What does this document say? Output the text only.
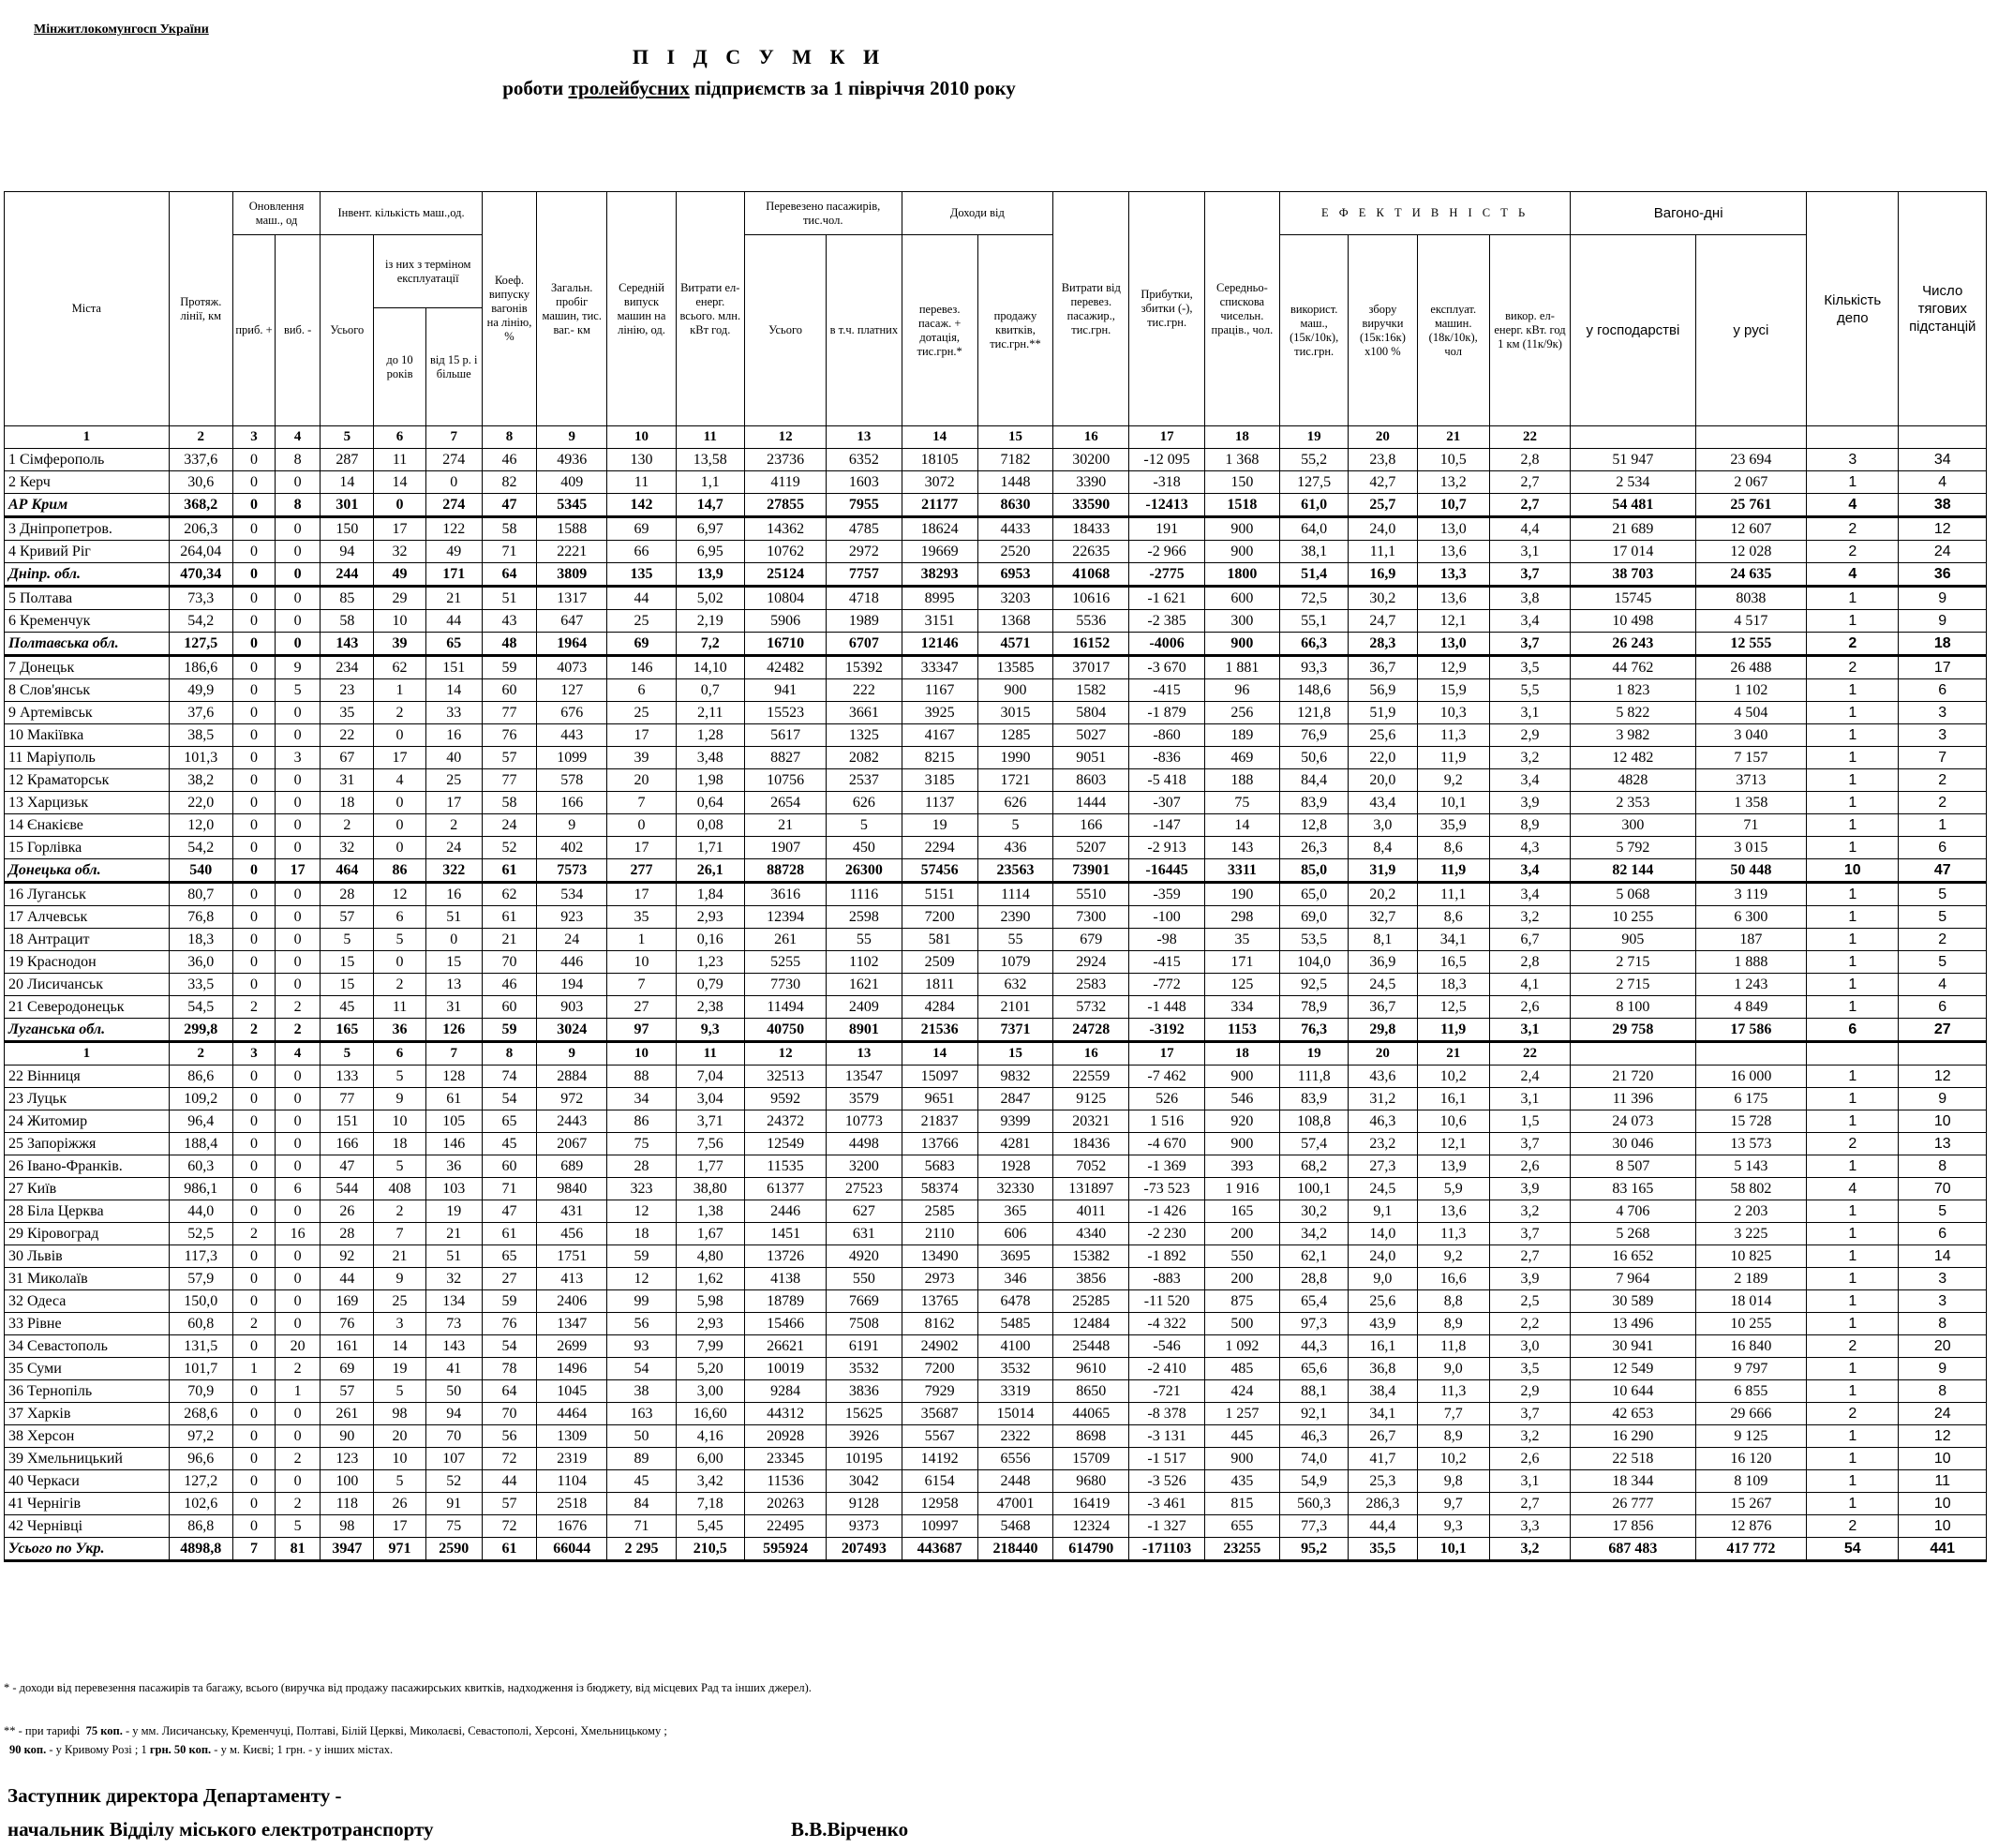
Мінжитлокомунгосп України
П І Д С У М К И
роботи тролейбусних підприємств за 1 півріччя 2010 року
Міста	Протяж. лінії, км	Оновлення маш., од		Інвент. кількість маш.,од.			Коеф. випуску вагонів на лінію, %	Загальн. пробіг машин, тис. ваг.- км	Середній випуск машин на лінію, од.	Витрати ел-енерг. всього. млн. кВт год.	Перевезено пасажирів, тис.чол.		Доходи від		Витрати від перевез. пасажир., тис.грн.	Прибутки, збитки (-), тис.грн.	Середньо-спискова чисельн. праців., чол.	Е Ф Е К Т И В Н І С Т Ь				Вагоно-дні		Кількість депо	Число тягових підстанцій
		приб. +	виб. -	Усього	із них з терміном експлуатації						Усього	в т.ч. платних	перевез. пасаж. + дотація, тис.грн.*	продажу квитків, тис.грн.**				використ. маш., (15к/10к), тис.грн.	збору виручки (15к:16к) х100 %	експлуат. машин. (18к/10к), чол	викор. ел-енерг. кВт. год 1 км (11к/9к)	у господарстві	у русі		
					до 10 років	від 15 р. і більше																			
1	2	3	4	5	6	7	8	9	10	11	12	13	14	15	16	17	18	19	20	21	22				
1 Сімферополь	337,6	0	8	287	11	274	46	4936	130	13,58	23736	6352	18105	7182	30200	-12 095	1 368	55,2	23,8	10,5	2,8	51 947	23 694	3	34
2 Керч	30,6	0	0	14	14	0	82	409	11	1,1	4119	1603	3072	1448	3390	-318	150	127,5	42,7	13,2	2,7	2 534	2 067	1	4
АР Крим	368,2	0	8	301	0	274	47	5345	142	14,7	27855	7955	21177	8630	33590	-12413	1518	61,0	25,7	10,7	2,7	54 481	25 761	4	38
3 Дніпропетров.	206,3	0	0	150	17	122	58	1588	69	6,97	14362	4785	18624	4433	18433	191	900	64,0	24,0	13,0	4,4	21 689	12 607	2	12
4 Кривий Ріг	264,04	0	0	94	32	49	71	2221	66	6,95	10762	2972	19669	2520	22635	-2 966	900	38,1	11,1	13,6	3,1	17 014	12 028	2	24
Дніпр. обл.	470,34	0	0	244	49	171	64	3809	135	13,9	25124	7757	38293	6953	41068	-2775	1800	51,4	16,9	13,3	3,7	38 703	24 635	4	36
5 Полтава	73,3	0	0	85	29	21	51	1317	44	5,02	10804	4718	8995	3203	10616	-1 621	600	72,5	30,2	13,6	3,8	15745	8038	1	9
6 Кременчук	54,2	0	0	58	10	44	43	647	25	2,19	5906	1989	3151	1368	5536	-2 385	300	55,1	24,7	12,1	3,4	10 498	4 517	1	9
Полтавська обл.	127,5	0	0	143	39	65	48	1964	69	7,2	16710	6707	12146	4571	16152	-4006	900	66,3	28,3	13,0	3,7	26 243	12 555	2	18
7 Донецьк	186,6	0	9	234	62	151	59	4073	146	14,10	42482	15392	33347	13585	37017	-3 670	1 881	93,3	36,7	12,9	3,5	44 762	26 488	2	17
8 Слов'янськ	49,9	0	5	23	1	14	60	127	6	0,7	941	222	1167	900	1582	-415	96	148,6	56,9	15,9	5,5	1 823	1 102	1	6
9 Артемівськ	37,6	0	0	35	2	33	77	676	25	2,11	15523	3661	3925	3015	5804	-1 879	256	121,8	51,9	10,3	3,1	5 822	4 504	1	3
10 Макіївка	38,5	0	0	22	0	16	76	443	17	1,28	5617	1325	4167	1285	5027	-860	189	76,9	25,6	11,3	2,9	3 982	3 040	1	3
11 Маріуполь	101,3	0	3	67	17	40	57	1099	39	3,48	8827	2082	8215	1990	9051	-836	469	50,6	22,0	11,9	3,2	12 482	7 157	1	7
12 Краматорськ	38,2	0	0	31	4	25	77	578	20	1,98	10756	2537	3185	1721	8603	-5 418	188	84,4	20,0	9,2	3,4	4828	3713	1	2
13 Харцизьк	22,0	0	0	18	0	17	58	166	7	0,64	2654	626	1137	626	1444	-307	75	83,9	43,4	10,1	3,9	2 353	1 358	1	2
14 Єнакієве	12,0	0	0	2	0	2	24	9	0	0,08	21	5	19	5	166	-147	14	12,8	3,0	35,9	8,9	300	71	1	1
15 Горлівка	54,2	0	0	32	0	24	52	402	17	1,71	1907	450	2294	436	5207	-2 913	143	26,3	8,4	8,6	4,3	5 792	3 015	1	6
Донецька обл.	540	0	17	464	86	322	61	7573	277	26,1	88728	26300	57456	23563	73901	-16445	3311	85,0	31,9	11,9	3,4	82 144	50 448	10	47
16 Луганськ	80,7	0	0	28	12	16	62	534	17	1,84	3616	1116	5151	1114	5510	-359	190	65,0	20,2	11,1	3,4	5 068	3 119	1	5
17 Алчевськ	76,8	0	0	57	6	51	61	923	35	2,93	12394	2598	7200	2390	7300	-100	298	69,0	32,7	8,6	3,2	10 255	6 300	1	5
18 Антрацит	18,3	0	0	5	5	0	21	24	1	0,16	261	55	581	55	679	-98	35	53,5	8,1	34,1	6,7	905	187	1	2
19 Краснодон	36,0	0	0	15	0	15	70	446	10	1,23	5255	1102	2509	1079	2924	-415	171	104,0	36,9	16,5	2,8	2 715	1 888	1	5
20 Лисичанськ	33,5	0	0	15	2	13	46	194	7	0,79	7730	1621	1811	632	2583	-772	125	92,5	24,5	18,3	4,1	2 715	1 243	1	4
21 Северодонецьк	54,5	2	2	45	11	31	60	903	27	2,38	11494	2409	4284	2101	5732	-1 448	334	78,9	36,7	12,5	2,6	8 100	4 849	1	6
Луганська обл.	299,8	2	2	165	36	126	59	3024	97	9,3	40750	8901	21536	7371	24728	-3192	1153	76,3	29,8	11,9	3,1	29 758	17 586	6	27
1	2	3	4	5	6	7	8	9	10	11	12	13	14	15	16	17	18	19	20	21	22				
22 Вінниця	86,6	0	0	133	5	128	74	2884	88	7,04	32513	13547	15097	9832	22559	-7 462	900	111,8	43,6	10,2	2,4	21 720	16 000	1	12
23 Луцьк	109,2	0	0	77	9	61	54	972	34	3,04	9592	3579	9651	2847	9125	526	546	83,9	31,2	16,1	3,1	11 396	6 175	1	9
24 Житомир	96,4	0	0	151	10	105	65	2443	86	3,71	24372	10773	21837	9399	20321	1 516	920	108,8	46,3	10,6	1,5	24 073	15 728	1	10
25 Запоріжжя	188,4	0	0	166	18	146	45	2067	75	7,56	12549	4498	13766	4281	18436	-4 670	900	57,4	23,2	12,1	3,7	30 046	13 573	2	13
26 Івано-Франків.	60,3	0	0	47	5	36	60	689	28	1,77	11535	3200	5683	1928	7052	-1 369	393	68,2	27,3	13,9	2,6	8 507	5 143	1	8
27 Київ	986,1	0	6	544	408	103	71	9840	323	38,80	61377	27523	58374	32330	131897	-73 523	1 916	100,1	24,5	5,9	3,9	83 165	58 802	4	70
28 Біла Церква	44,0	0	0	26	2	19	47	431	12	1,38	2446	627	2585	365	4011	-1 426	165	30,2	9,1	13,6	3,2	4 706	2 203	1	5
29 Кіровоград	52,5	2	16	28	7	21	61	456	18	1,67	1451	631	2110	606	4340	-2 230	200	34,2	14,0	11,3	3,7	5 268	3 225	1	6
30 Львів	117,3	0	0	92	21	51	65	1751	59	4,80	13726	4920	13490	3695	15382	-1 892	550	62,1	24,0	9,2	2,7	16 652	10 825	1	14
31 Миколаїв	57,9	0	0	44	9	32	27	413	12	1,62	4138	550	2973	346	3856	-883	200	28,8	9,0	16,6	3,9	7 964	2 189	1	3
32 Одеса	150,0	0	0	169	25	134	59	2406	99	5,98	18789	7669	13765	6478	25285	-11 520	875	65,4	25,6	8,8	2,5	30 589	18 014	1	3
33 Рівне	60,8	2	0	76	3	73	76	1347	56	2,93	15466	7508	8162	5485	12484	-4 322	500	97,3	43,9	8,9	2,2	13 496	10 255	1	8
34 Севастополь	131,5	0	20	161	14	143	54	2699	93	7,99	26621	6191	24902	4100	25448	-546	1 092	44,3	16,1	11,8	3,0	30 941	16 840	2	20
35 Суми	101,7	1	2	69	19	41	78	1496	54	5,20	10019	3532	7200	3532	9610	-2 410	485	65,6	36,8	9,0	3,5	12 549	9 797	1	9
36 Тернопіль	70,9	0	1	57	5	50	64	1045	38	3,00	9284	3836	7929	3319	8650	-721	424	88,1	38,4	11,3	2,9	10 644	6 855	1	8
37 Харків	268,6	0	0	261	98	94	70	4464	163	16,60	44312	15625	35687	15014	44065	-8 378	1 257	92,1	34,1	7,7	3,7	42 653	29 666	2	24
38 Херсон	97,2	0	0	90	20	70	56	1309	50	4,16	20928	3926	5567	2322	8698	-3 131	445	46,3	26,7	8,9	3,2	16 290	9 125	1	12
39 Хмельницький	96,6	0	2	123	10	107	72	2319	89	6,00	23345	10195	14192	6556	15709	-1 517	900	74,0	41,7	10,2	2,6	22 518	16 120	1	10
40 Черкаси	127,2	0	0	100	5	52	44	1104	45	3,42	11536	3042	6154	2448	9680	-3 526	435	54,9	25,3	9,8	3,1	18 344	8 109	1	11
41 Чернігів	102,6	0	2	118	26	91	57	2518	84	7,18	20263	9128	12958	47001	16419	-3 461	815	560,3	286,3	9,7	2,7	26 777	15 267	1	10
42 Чернівці	86,8	0	5	98	17	75	72	1676	71	5,45	22495	9373	10997	5468	12324	-1 327	655	77,3	44,4	9,3	3,3	17 856	12 876	2	10
Усього по Укр.	4898,8	7	81	3947	971	2590	61	66044	2 295	210,5	595924	207493	443687	218440	614790	-171103	23255	95,2	35,5	10,1	3,2	687 483	417 772	54	441
* - доходи від перевезення пасажирів та багажу, всього (виручка від продажу пасажирських квитків, надходження із бюджету, від місцевих Рад та інших джерел).
** - при тарифі 75 коп. - у мм. Лисичанську, Кременчуці, Полтаві, Білій Церкві, Миколаєві, Севастополі, Херсоні, Хмельницькому ;
90 коп. - у Кривому Розі ; 1 грн. 50 коп. - у м. Києві; 1 грн. - у інших містах.
Заступник директора Департаменту -
начальник Відділу міського електротранспорту	В.В.Вірченко
